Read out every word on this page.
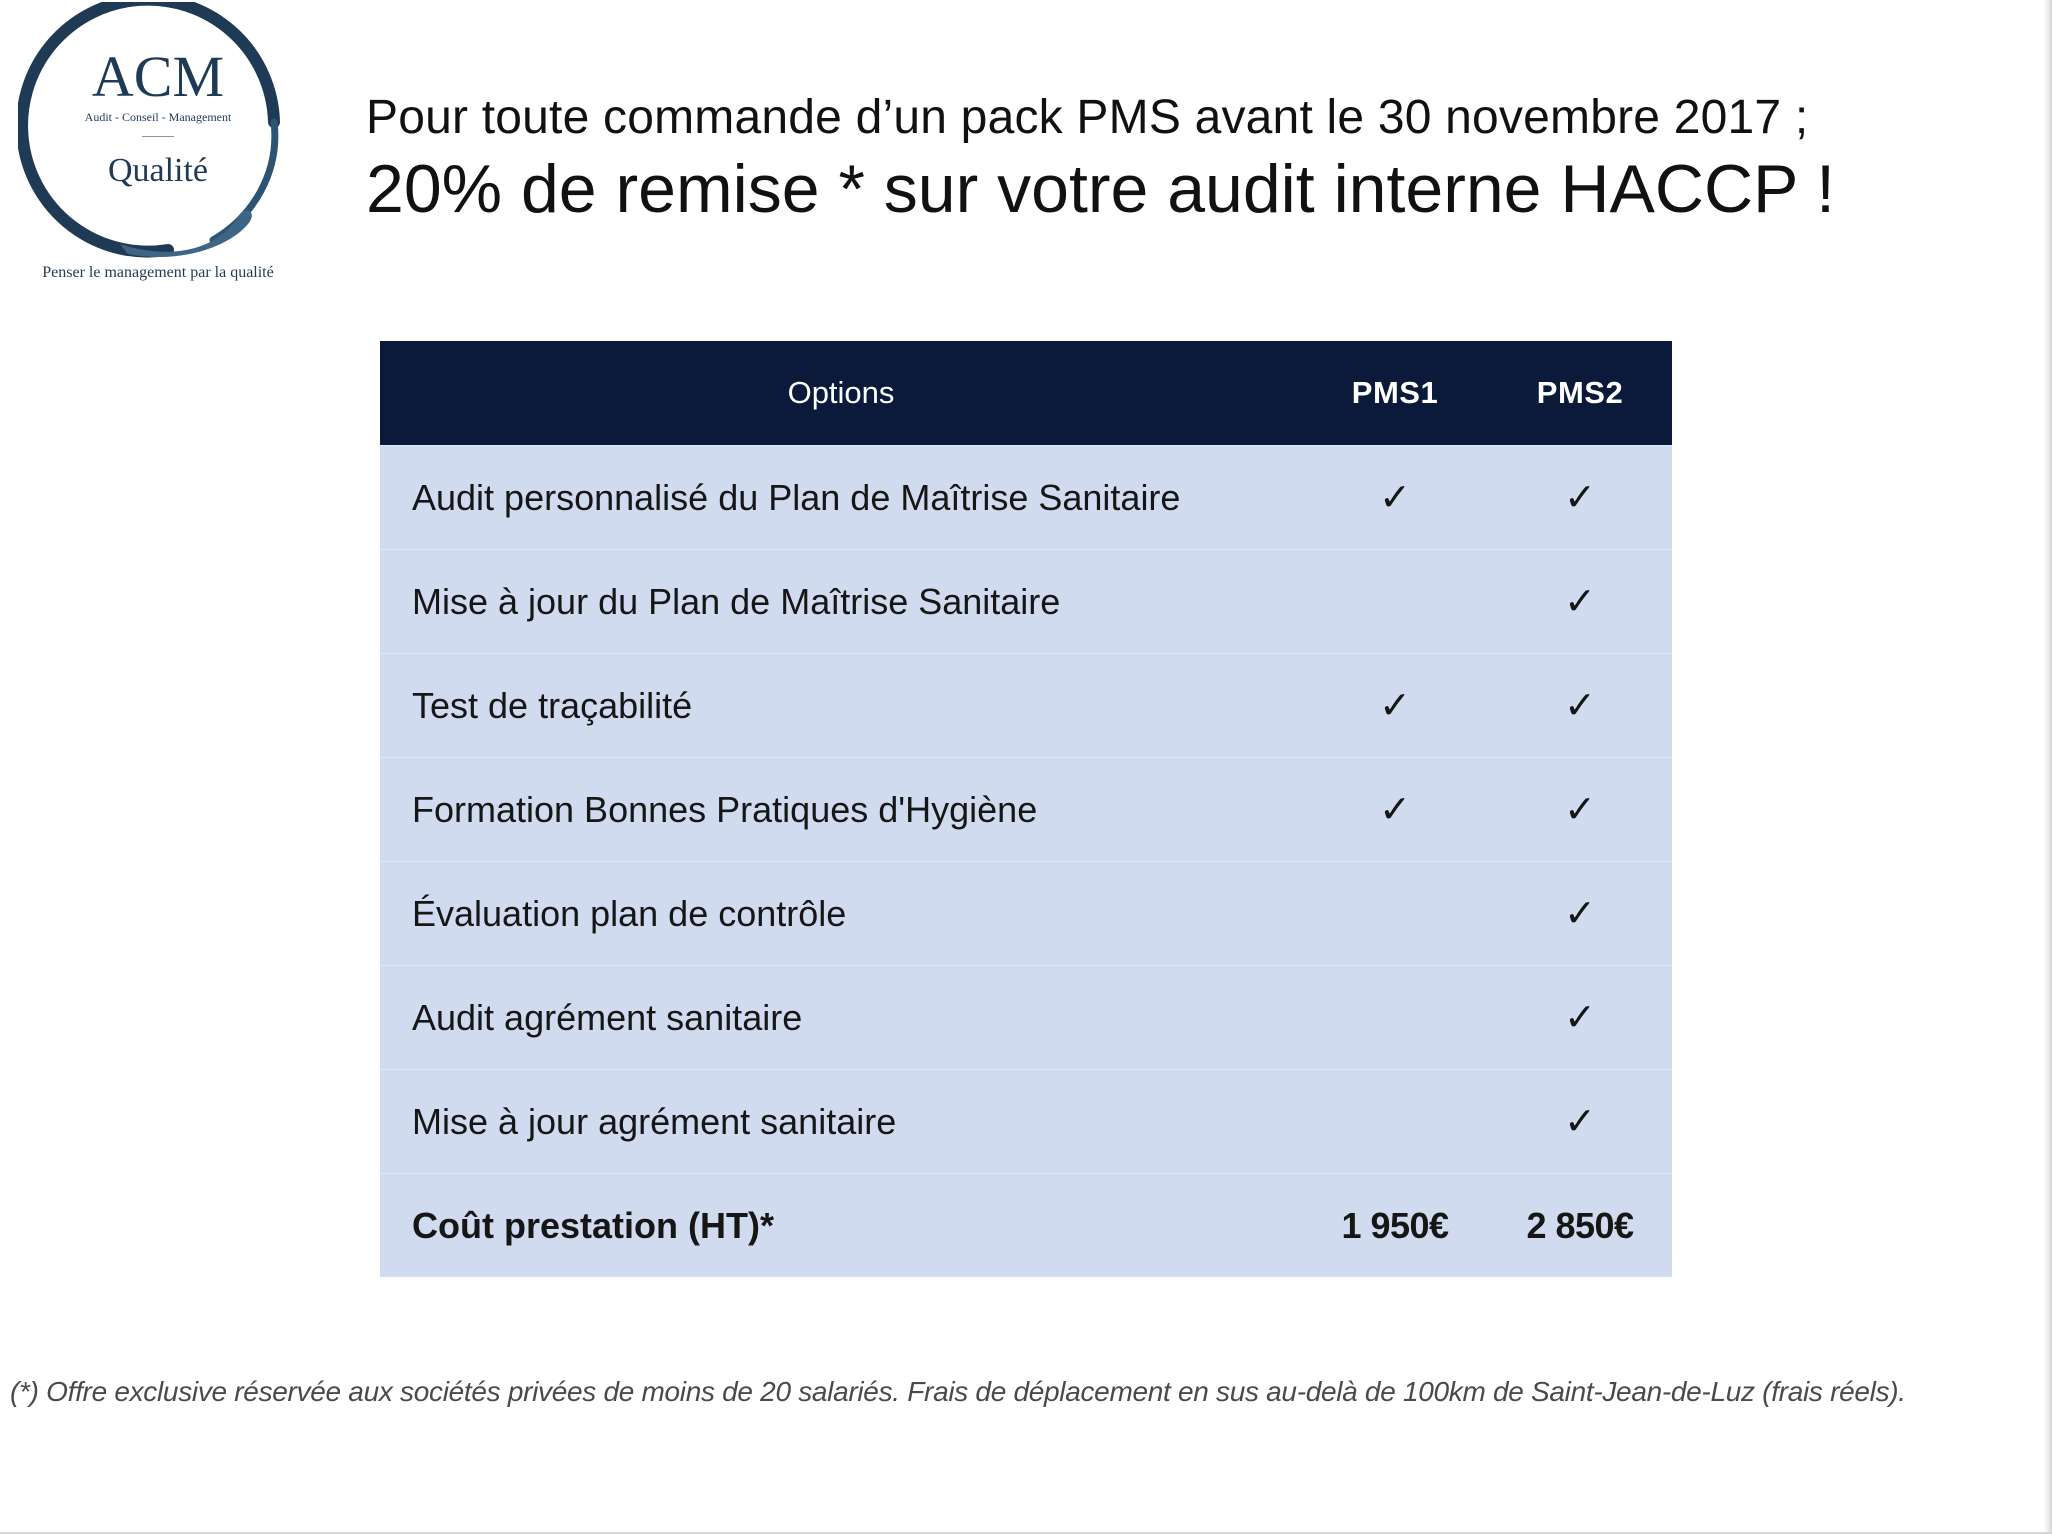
ACM
Audit - Conseil - Management
Qualité
Penser le management par la qualité
Pour toute commande d’un pack PMS avant le 30 novembre 2017 ;
20% de remise * sur votre audit interne HACCP !
Options	PMS1	PMS2
Audit personnalisé du Plan de Maîtrise Sanitaire	✓	✓
Mise à jour du Plan de Maîtrise Sanitaire		✓
Test de traçabilité	✓	✓
Formation Bonnes Pratiques d'Hygiène	✓	✓
Évaluation plan de contrôle		✓
Audit agrément sanitaire		✓
Mise à jour agrément sanitaire		✓
Coût prestation (HT)*	1 950€	2 850€
(*) Offre exclusive réservée aux sociétés privées de moins de 20 salariés. Frais de déplacement en sus au-delà de 100km de Saint-Jean-de-Luz (frais réels).
